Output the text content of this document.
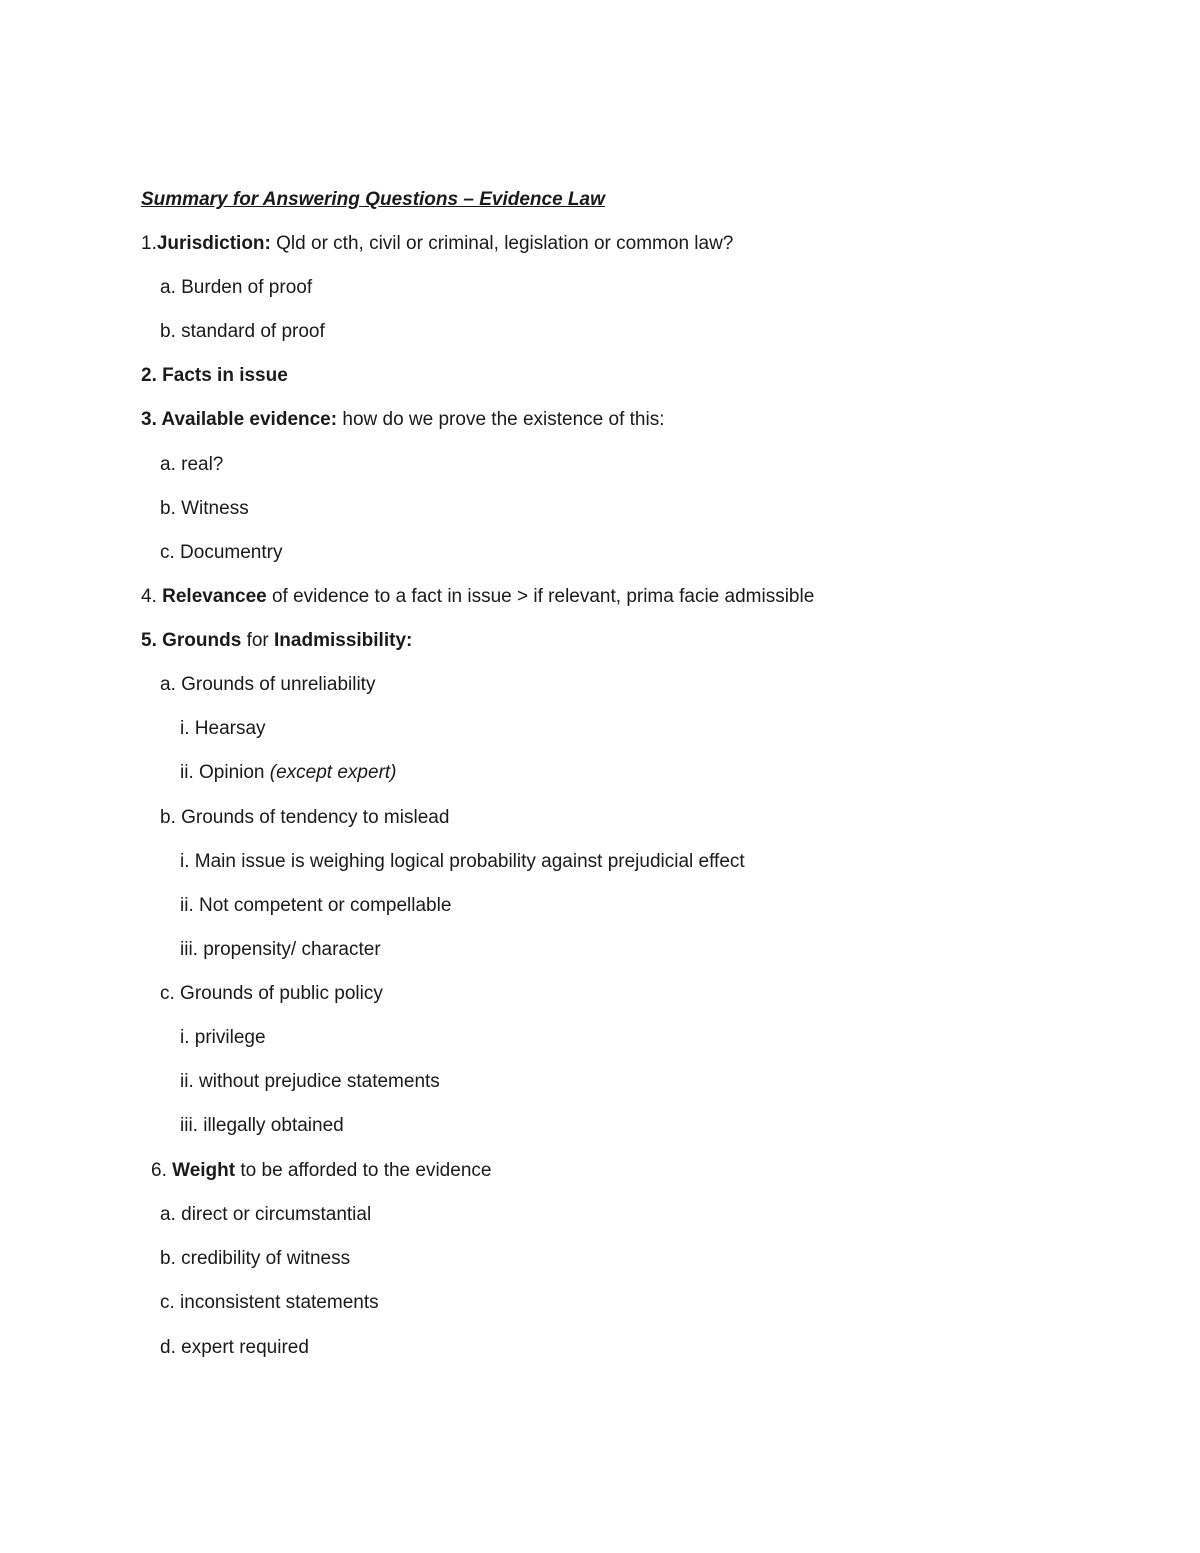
Summary for Answering Questions – Evidence Law
1.Jurisdiction: Qld or cth, civil or criminal, legislation or common law?
a. Burden of proof
b. standard of proof
2. Facts in issue
3. Available evidence: how do we prove the existence of this:
a. real?
b. Witness
c. Documentry
4. Relevancee of evidence to a fact in issue > if relevant, prima facie admissible
5. Grounds for Inadmissibility:
a. Grounds of unreliability
i. Hearsay
ii. Opinion (except expert)
b. Grounds of tendency to mislead
i. Main issue is weighing logical probability against prejudicial effect
ii. Not competent or compellable
iii. propensity/ character
c. Grounds of public policy
i. privilege
ii. without prejudice statements
iii. illegally obtained
6. Weight to be afforded to the evidence
a. direct or circumstantial
b. credibility of witness
c. inconsistent statements
d. expert required
